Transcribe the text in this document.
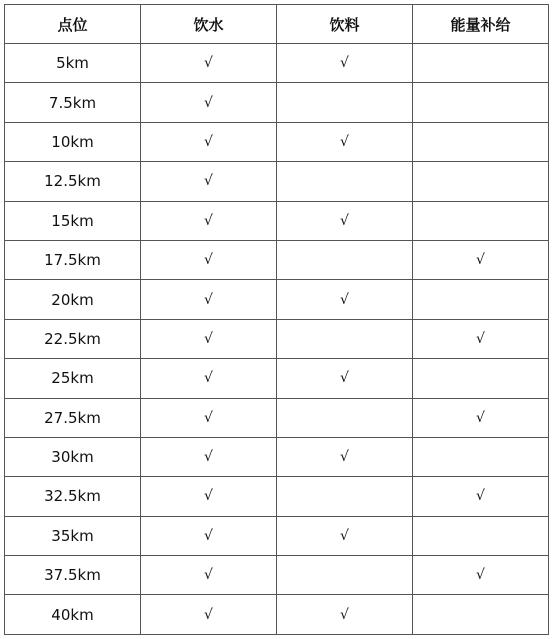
点位	饮水	饮料	能量补给
5km	√	√	
7.5km	√		
10km	√	√	
12.5km	√		
15km	√	√	
17.5km	√		√
20km	√	√	
22.5km	√		√
25km	√	√	
27.5km	√		√
30km	√	√	
32.5km	√		√
35km	√	√	
37.5km	√		√
40km	√	√	
